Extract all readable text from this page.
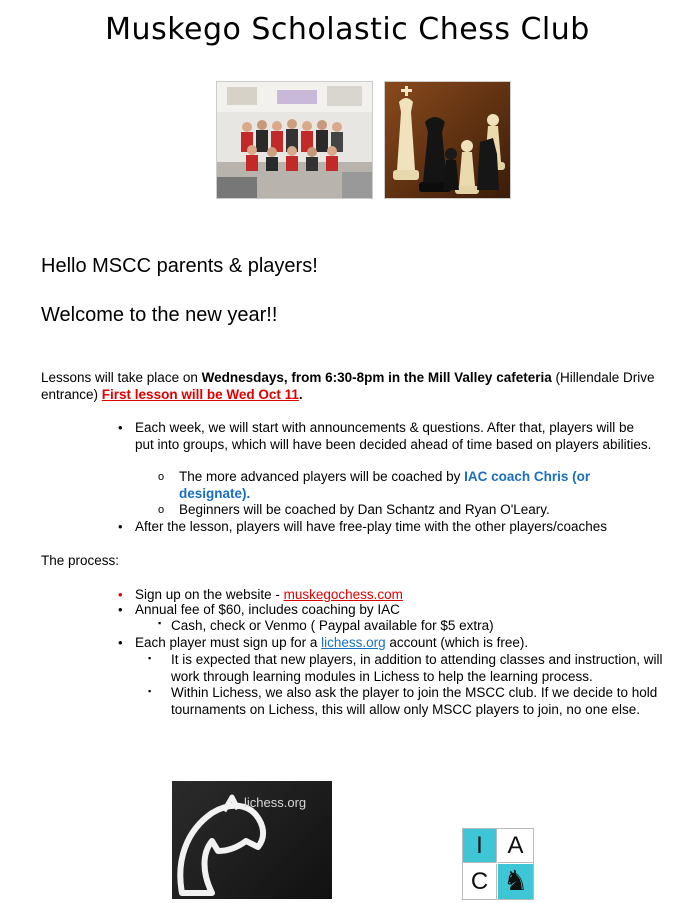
Muskego Scholastic Chess Club
Hello MSCC parents & players!
Welcome to the new year!!
Lessons will take place on Wednesdays, from 6:30-8pm in the Mill Valley cafeteria (Hillendale Drive entrance) First lesson will be Wed Oct 11.
• Each week, we will start with announcements & questions. After that, players will be put into groups, which will have been decided ahead of time based on players abilities.
o The more advanced players will be coached by IAC coach Chris (or designate).
o Beginners will be coached by Dan Schantz and Ryan O'Leary.
• After the lesson, players will have free-play time with the other players/coaches
The process:
• Sign up on the website - muskegochess.com
• Annual fee of $60, includes coaching by IAC
▪ Cash, check or Venmo ( Paypal available for $5 extra)
• Each player must sign up for a lichess.org account (which is free).
▪ It is expected that new players, in addition to attending classes and instruction, will work through learning modules in Lichess to help the learning process.
▪ Within Lichess, we also ask the player to join the MSCC club. If we decide to hold tournaments on Lichess, this will allow only MSCC players to join, no one else.
lichess.org
I	A
C ♞
